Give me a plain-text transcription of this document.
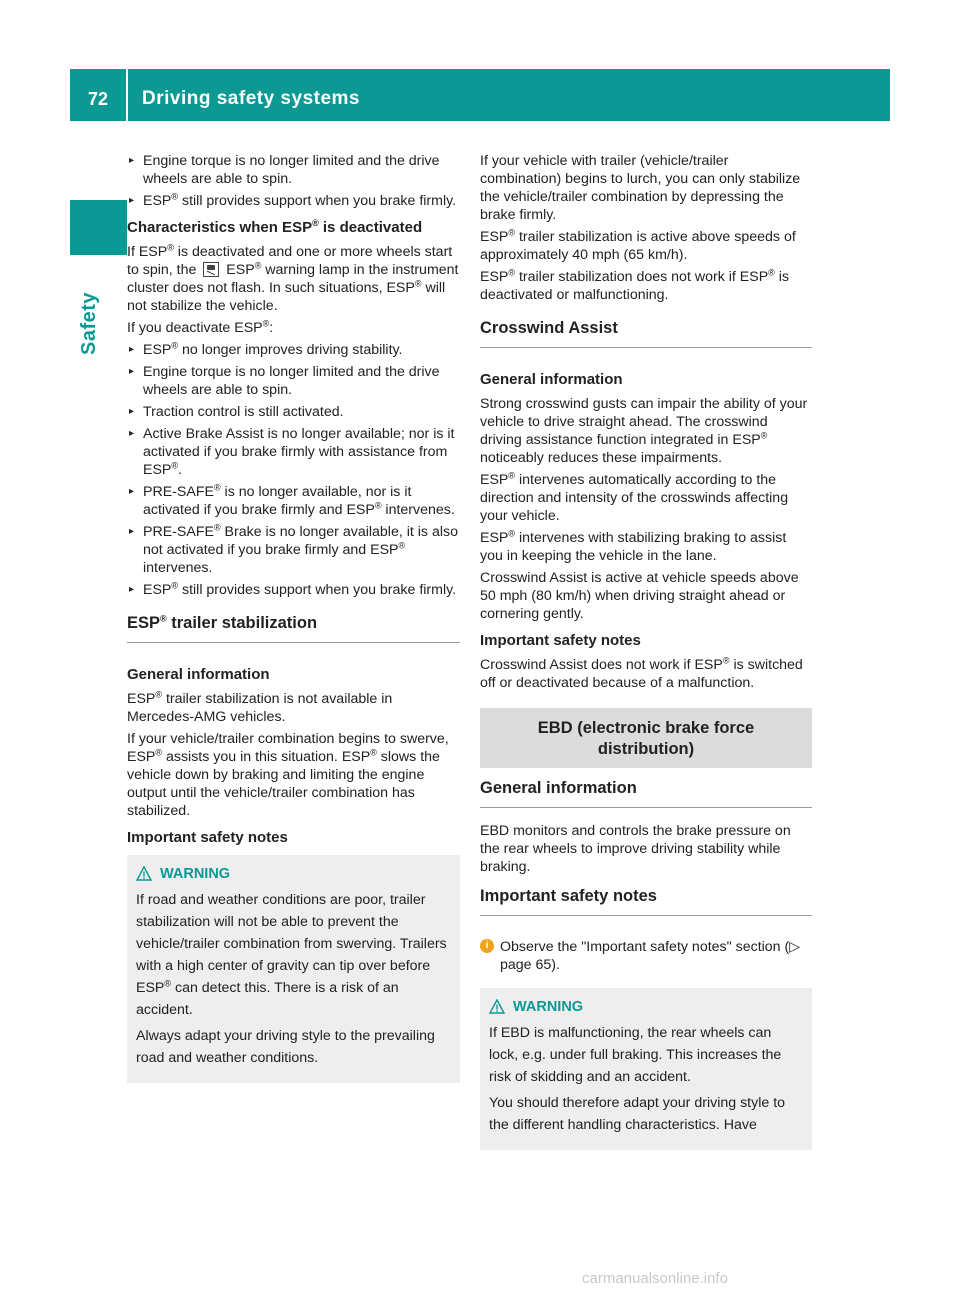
72	Driving safety systems
Safety
▸ Engine torque is no longer limited and the drive wheels are able to spin.
▸ ESP® still provides support when you brake firmly.
Characteristics when ESP® is deactivated

If ESP® is deactivated and one or more wheels start to spin, the  ESP® warning lamp in the instrument cluster does not flash. In such situations, ESP® will not stabilize the vehicle.

If you deactivate ESP®:

▸ ESP® no longer improves driving stability.
▸ Engine torque is no longer limited and the drive wheels are able to spin.
▸ Traction control is still activated.
▸ Active Brake Assist is no longer available; nor is it activated if you brake firmly with assistance from ESP®.
▸ PRE-SAFE® is no longer available, nor is it activated if you brake firmly and ESP® intervenes.
▸ PRE-SAFE® Brake is no longer available, it is also not activated if you brake firmly and ESP® intervenes.
▸ ESP® still provides support when you brake firmly.
ESP® trailer stabilization
General information

ESP® trailer stabilization is not available in Mercedes-AMG vehicles.

If your vehicle/trailer combination begins to swerve, ESP® assists you in this situation. ESP® slows the vehicle down by braking and limiting the engine output until the vehicle/trailer combination has stabilized.

Important safety notes
WARNING

If road and weather conditions are poor, trailer stabilization will not be able to prevent the vehicle/trailer combination from swerving. Trailers with a high center of gravity can tip over before ESP® can detect this. There is a risk of an accident.

Always adapt your driving style to the prevailing road and weather conditions.

If your vehicle with trailer (vehicle/trailer combination) begins to lurch, you can only stabilize the vehicle/trailer combination by depressing the brake firmly.

ESP® trailer stabilization is active above speeds of approximately 40 mph (65 km/h).

ESP® trailer stabilization does not work if ESP® is deactivated or malfunctioning.

Crosswind Assist
General information

Strong crosswind gusts can impair the ability of your vehicle to drive straight ahead. The crosswind driving assistance function integrated in ESP® noticeably reduces these impairments.

ESP® intervenes automatically according to the direction and intensity of the crosswinds affecting your vehicle.

ESP® intervenes with stabilizing braking to assist you in keeping the vehicle in the lane.

Crosswind Assist is active at vehicle speeds above 50 mph (80 km/h) when driving straight ahead or cornering gently.

Important safety notes

Crosswind Assist does not work if ESP® is switched off or deactivated because of a malfunction.

EBD (electronic brake force distribution)
General information

EBD monitors and controls the brake pressure on the rear wheels to improve driving stability while braking.

Important safety notes
i Observe the "Important safety notes" section (▷ page 65).
WARNING

If EBD is malfunctioning, the rear wheels can lock, e.g. under full braking. This increases the risk of skidding and an accident.

You should therefore adapt your driving style to the different handling characteristics. Have

carmanualsonline.info
